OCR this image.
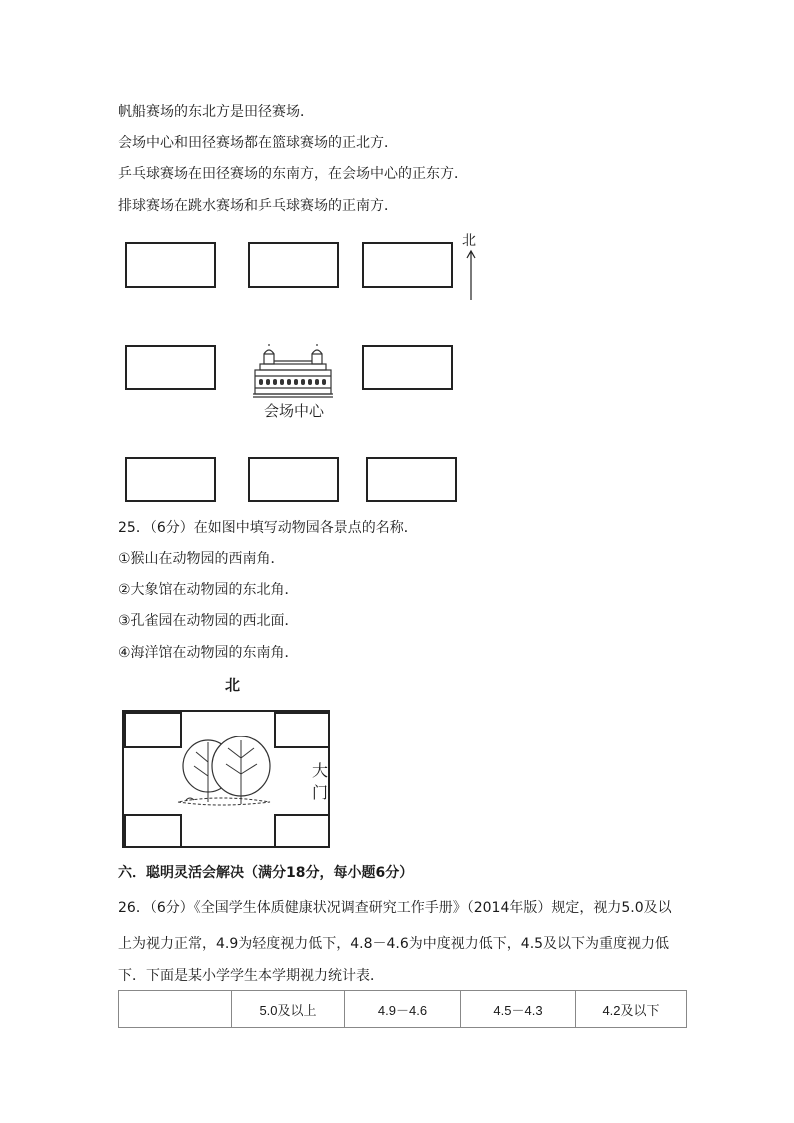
帆船赛场的东北方是田径赛场．
会场中心和田径赛场都在篮球赛场的正北方．
乒乓球赛场在田径赛场的东南方，在会场中心的正东方．
排球赛场在跳水赛场和乒乓球赛场的正南方．
北
会场中心
25．（6分）在如图中填写动物园各景点的名称．
①猴山在动物园的西南角．
②大象馆在动物园的东北角．
③孔雀园在动物园的西北面．
④海洋馆在动物园的东南角．
北
大
门
六．聪明灵活会解决（满分18分，每小题6分）
26．（6分）《全国学生体质健康状况调查研究工作手册》（2014年版）规定，视力5.0及以
上为视力正常，4.9为轻度视力低下，4.8－4.6为中度视力低下，4.5及以下为重度视力低
下．下面是某小学学生本学期视力统计表．
	5.0及以上	4.9－4.6	4.5－4.3	4.2及以下
